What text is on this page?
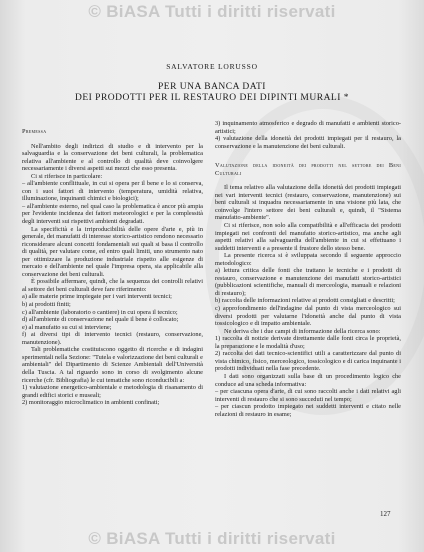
© BiASA Tutti i diritti riservati
SALVATORE LORUSSO
PER UNA BANCA DATI
DEI PRODOTTI PER IL RESTAURO DEI DIPINTI MURALI *

Premessa

Nell'ambito degli indirizzi di studio e di intervento per la salvaguardia e la conservazione dei beni culturali, la problematica relativa all'ambiente e al controllo di qualità deve coinvolgere necessariamente i diversi aspetti sui mezzi che esso presenta.

Ci si riferisce in particolare:

– all'ambiente conflittuale, in cui si opera per il bene e lo si conserva, con i suoi fattori di intervento (temperatura, umidità relativa, illuminazione, inquinanti chimici e biologici);

– all'ambiente esterno, nel qual caso la problematica è ancor più ampia per l'evidente incidenza dei fattori meteorologici e per la complessità degli interventi sui rispettivi ambienti degradati.

La specificità e la irriproducibilità delle opere d'arte e, più in generale, dei manufatti di interesse storico-artistico rendono necessario riconsiderare alcuni concetti fondamentali sui quali si basa il controllo di qualità, per valutare come, ed entro quali limiti, uno strumento nato per ottimizzare la produzione industriale rispetto alle esigenze di mercato e dell'ambiente nel quale l'impresa opera, sia applicabile alla conservazione dei beni culturali.

È possibile affermare, quindi, che la sequenza dei controlli relativi al settore dei beni culturali deve fare riferimento:

a) alle materie prime impiegate per i vari interventi tecnici;

b) ai prodotti finiti;

c) all'ambiente (laboratorio o cantiere) in cui opera il tecnico;

d) all'ambiente di conservazione nel quale il bene è collocato;

e) al manufatto su cui si interviene;

f) ai diversi tipi di intervento tecnici (restauro, conservazione, manutenzione).

Tali problematiche costituiscono oggetto di ricerche e di indagini sperimentali nella Sezione: "Tutela e valorizzazione dei beni culturali e ambientali" del Dipartimento di Scienze Ambientali dell'Università della Tuscia. A tal riguardo sono in corso di svolgimento alcune ricerche (cfr. Bibliografia) le cui tematiche sono riconducibili a:

1) valutazione energetico-ambientale e metodologia di risanamento di grandi edifici storici e museali;

2) monitoraggio microclimatico in ambienti confinati;

3) inquinamento atmosferico e degrado di manufatti e ambienti storico-artistici;

4) valutazione della idoneità dei prodotti impiegati per il restauro, la conservazione e la manutenzione dei beni culturali.

Valutazione della idoneità dei prodotti nel settore dei Beni Culturali

Il tema relativo alla valutazione della idoneità dei prodotti impiegati nei vari interventi tecnici (restauro, conservazione, manutenzione) sui beni culturali si inquadra necessariamente in una visione più lata, che coinvolge l'intero settore dei beni culturali e, quindi, il "Sistema manufatto-ambiente".

Ci si riferisce, non solo alla compatibilità e all'efficacia dei prodotti impiegati nei confronti del manufatto storico-artistico, ma anche agli aspetti relativi alla salvaguardia dell'ambiente in cui si effettuano i suddetti interventi e a presente il frustore dello stesso bene.

La presente ricerca si è sviluppata secondo il seguente approccio metodologico:

a) lettura critica delle fonti che trattano le tecniche e i prodotti di restauro, conservazione e manutenzione dei manufatti storico-artistici (pubblicazioni scientifiche, manuali di merceologia, manuali e relazioni di restauro);

b) raccolta delle informazioni relative ai prodotti consigliati e descritti;

c) approfondimento dell'indagine dal punto di vista merceologico sui diversi prodotti per valutarne l'idoneità anche dal punto di vista tossicologico e di impatto ambientale.

Ne deriva che i due campi di informazione della ricerca sono:

1) raccolta di notizie derivate direttamente dalle fonti circa le proprietà, la preparazione e le modalità d'uso;

2) raccolta dei dati tecnico-scientifici utili a caratterizzare dal punto di vista chimico, fisico, merceologico, tossicologico e di carica inquinante i prodotti individuati nella fase precedente.

I dati sono organizzati sulla base di un procedimento logico che conduce ad una scheda informativa:

– per ciascuna opera d'arte, di cui sono raccolti anche i dati relativi agli interventi di restauro che si sono succeduti nel tempo;

– per ciascun prodotto impiegato nei suddetti interventi e citato nelle relazioni di restauro in esame;

127
© BiASA Tutti i diritti riservati
